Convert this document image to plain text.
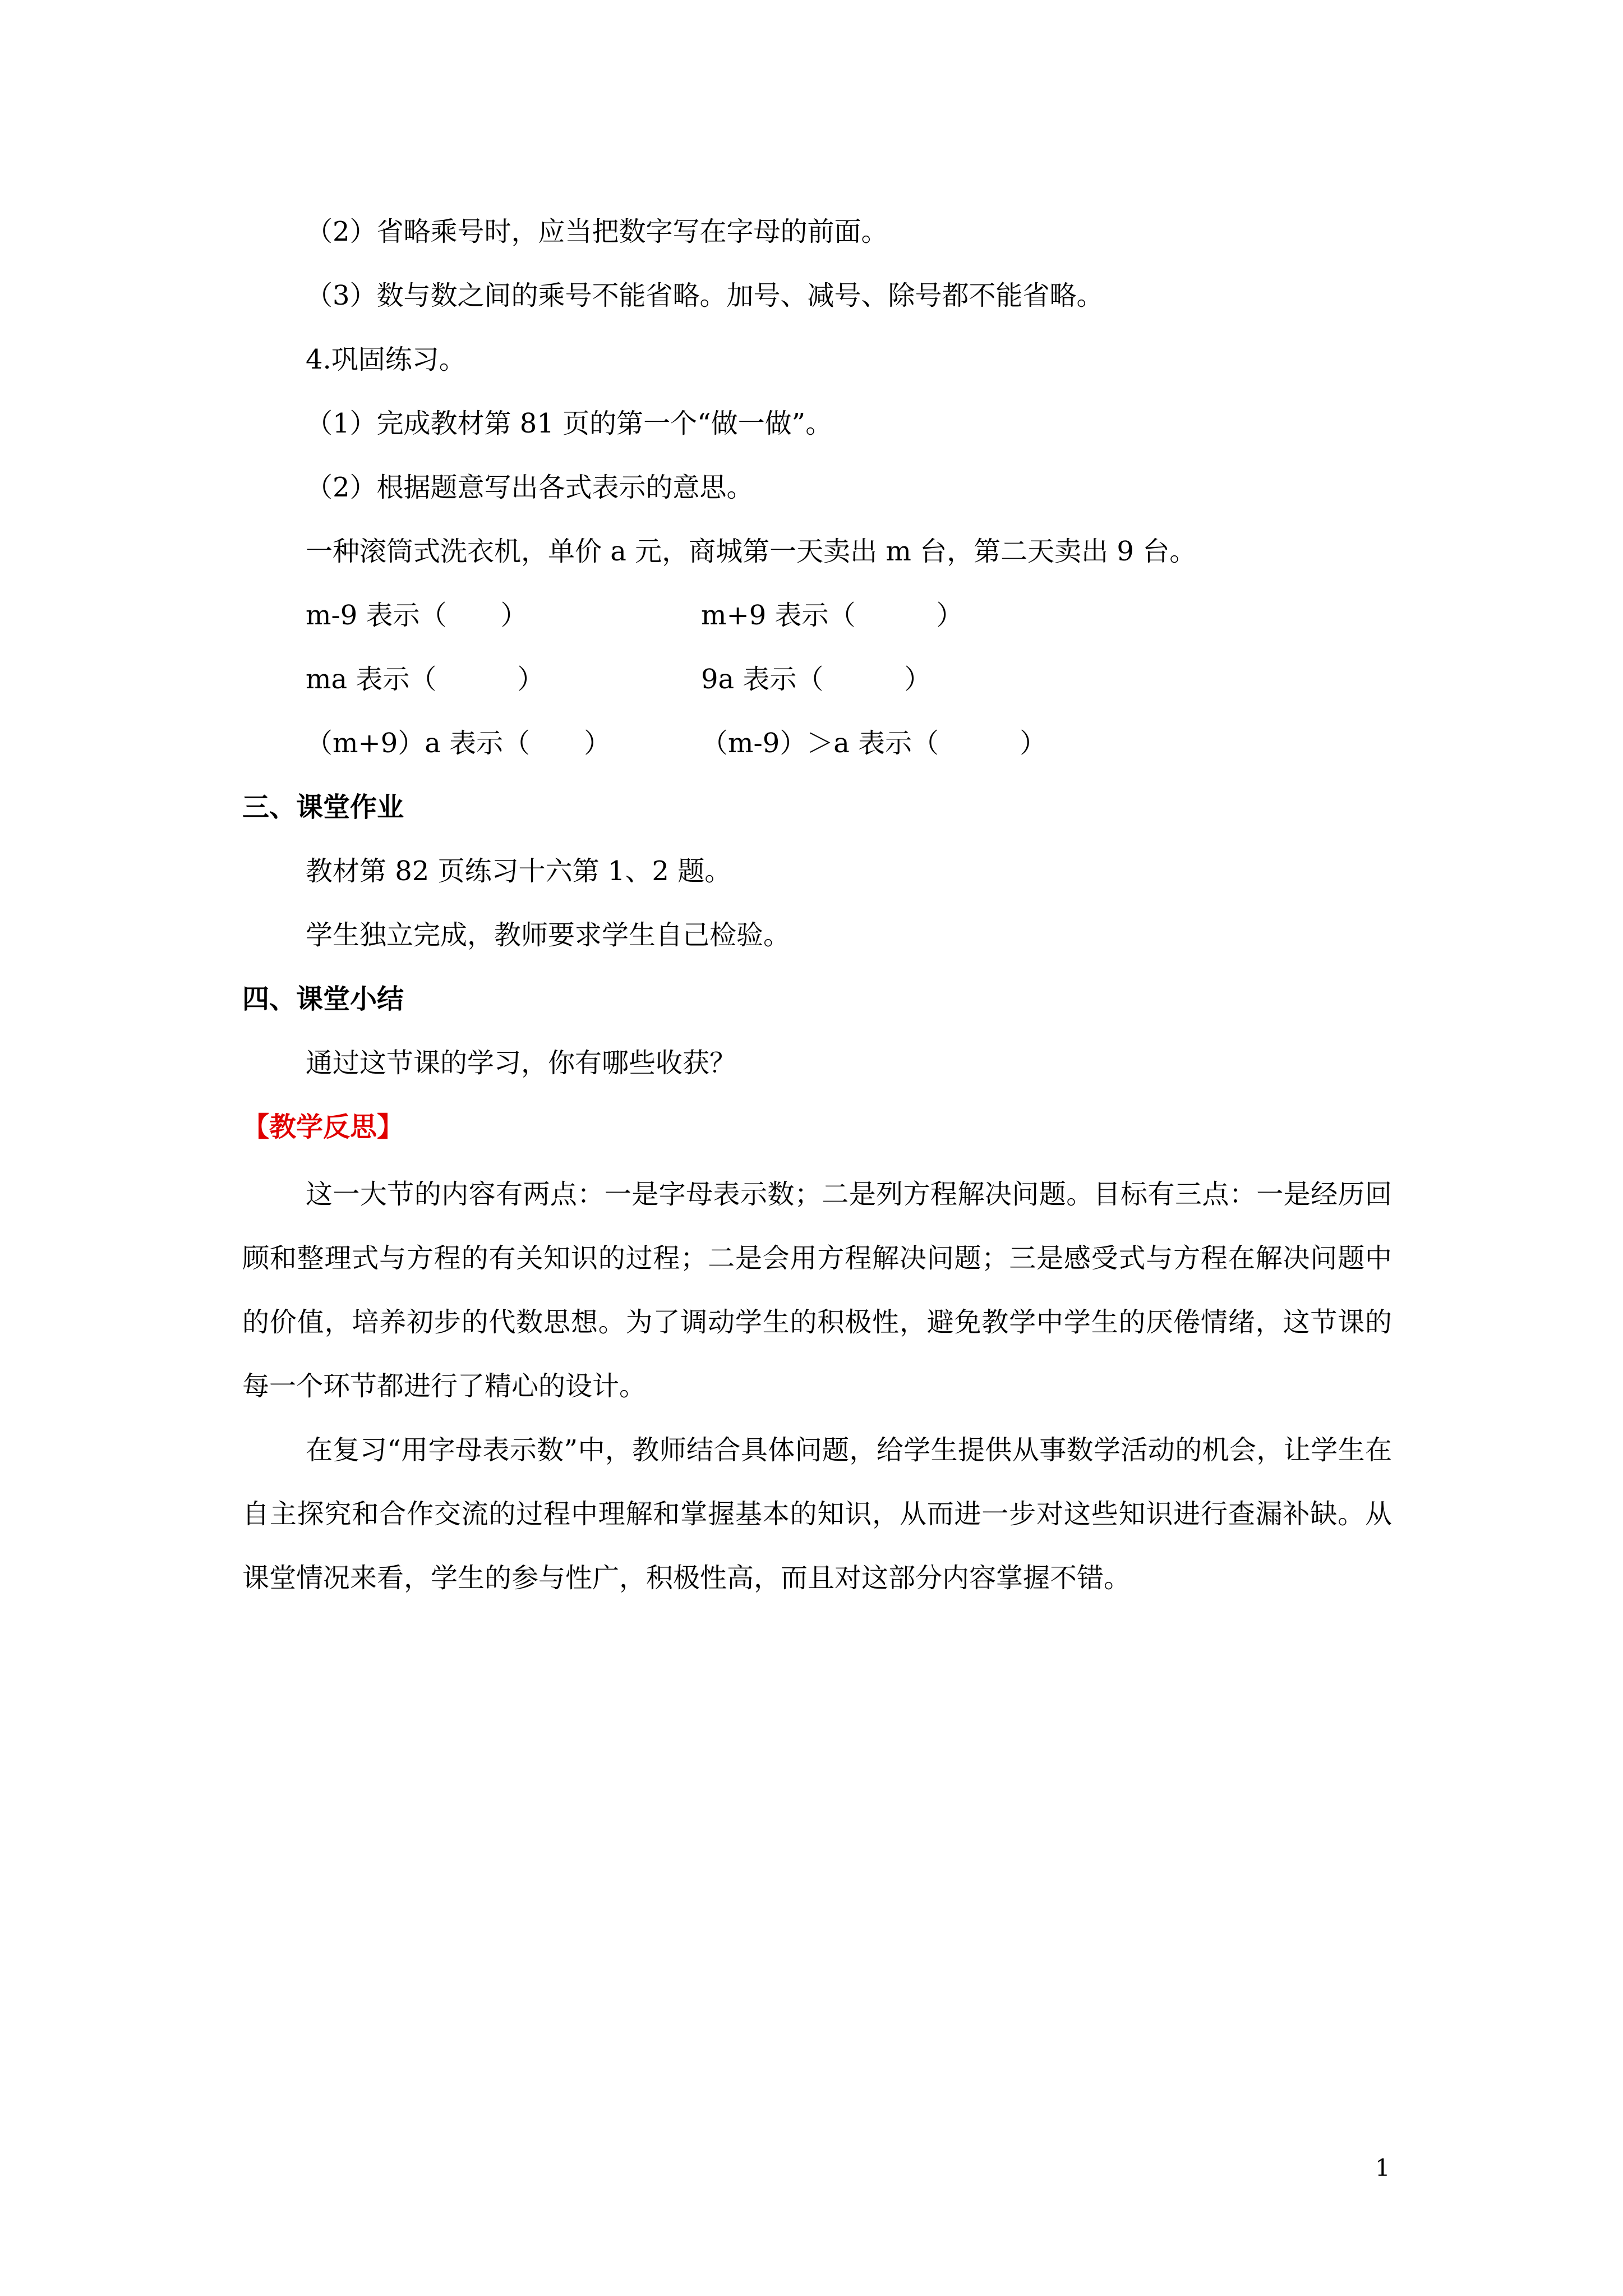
（2）省略乘号时，应当把数字写在字母的前面。
（3）数与数之间的乘号不能省略。加号、减号、除号都不能省略。
4.巩固练习。
（1）完成教材第 81 页的第一个“做一做”。
（2）根据题意写出各式表示的意思。
一种滚筒式洗衣机，单价 a 元，商城第一天卖出 m 台，第二天卖出 9 台。
m-9 表示（　　）	m+9 表示（　　　）
ma 表示（　　　）	9a 表示（　　　）
（m+9）a 表示（　　）	（m-9）＞a 表示（　　　）
三、课堂作业
教材第 82 页练习十六第 1、2 题。
学生独立完成，教师要求学生自己检验。
四、课堂小结
通过这节课的学习，你有哪些收获？
【教学反思】
这一大节的内容有两点：一是字母表示数；二是列方程解决问题。目标有三点：一是经历回顾和整理式与方程的有关知识的过程；二是会用方程解决问题；三是感受式与方程在解决问题中的价值，培养初步的代数思想。为了调动学生的积极性，避免教学中学生的厌倦情绪，这节课的每一个环节都进行了精心的设计。
在复习“用字母表示数”中，教师结合具体问题，给学生提供从事数学活动的机会，让学生在自主探究和合作交流的过程中理解和掌握基本的知识，从而进一步对这些知识进行查漏补缺。从课堂情况来看，学生的参与性广，积极性高，而且对这部分内容掌握不错。
1
